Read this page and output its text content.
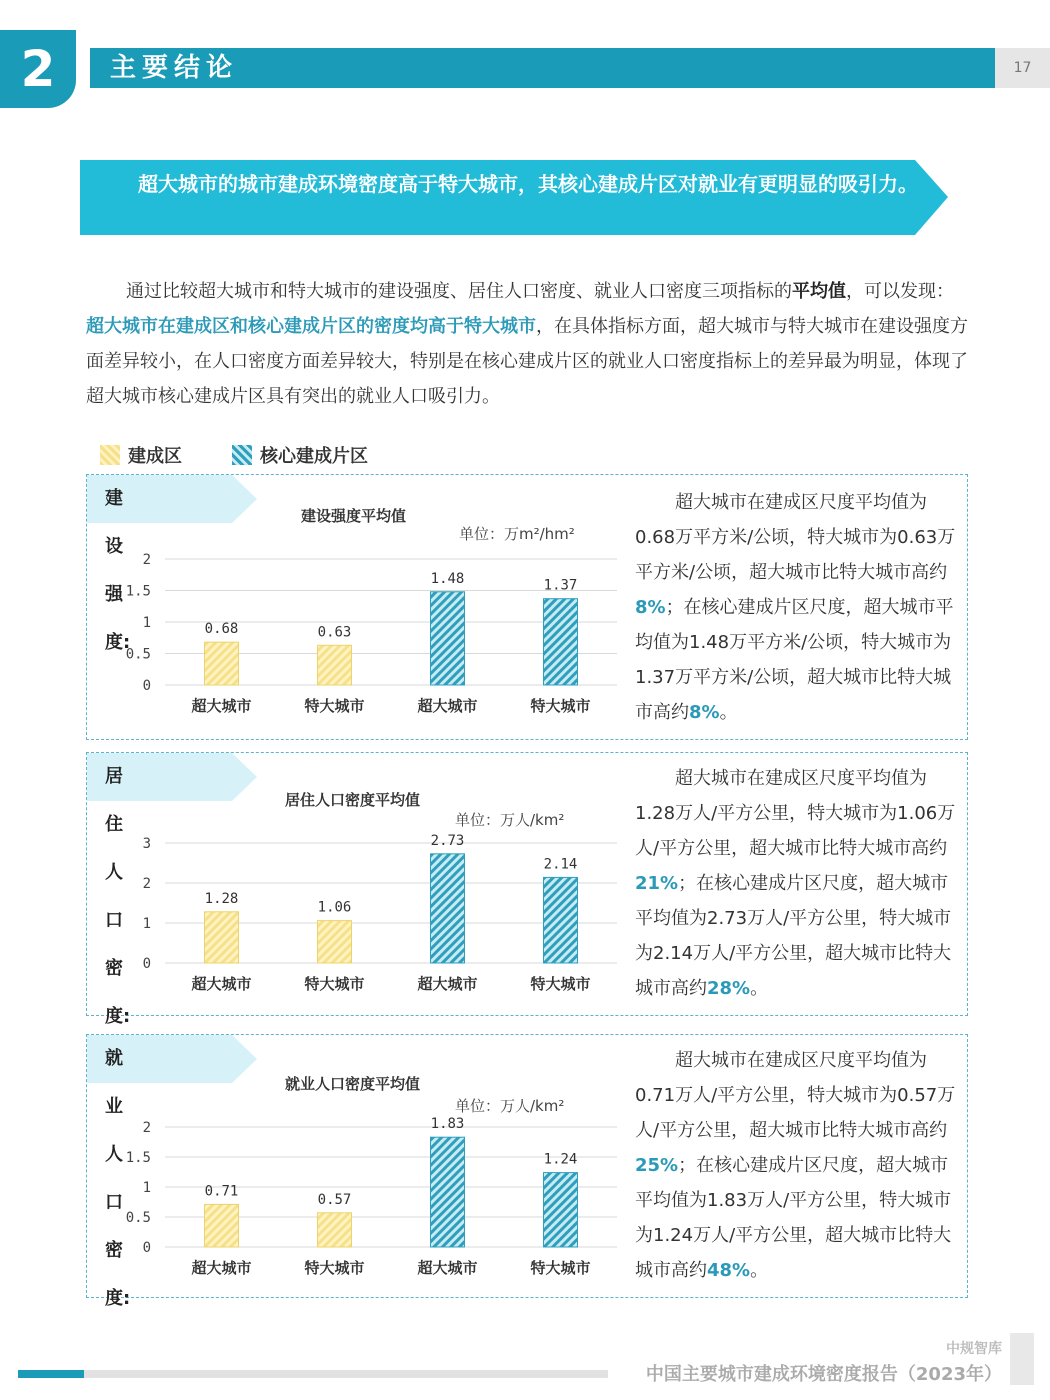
2	主要结论	17
超大城市的城市建成环境密度高于特大城市，其核心建成片区对就业有更明显的吸引力。

通过比较超大城市和特大城市的建设强度、居住人口密度、就业人口密度三项指标的平均值，可以发现：超大城市在建成区和核心建成片区的密度均高于特大城市，在具体指标方面，超大城市与特大城市在建设强度方面差异较小，在人口密度方面差异较大，特别是在核心建成片区的就业人口密度指标上的差异最为明显，体现了超大城市核心建成片区具有突出的就业人口吸引力。

建成区	核心建成片区
建设强度:
建设强度平均值
单位：万m²/hm²
0
0.5
1
1.5
2
0.68
超大城市
0.63
特大城市
1.48
超大城市
1.37
特大城市

超大城市在建成区尺度平均值为0.68万平方米/公顷，特大城市为0.63万平方米/公顷，超大城市比特大城市高约8%；在核心建成片区尺度，超大城市平均值为1.48万平方米/公顷，特大城市为1.37万平方米/公顷，超大城市比特大城市高约8%。

居住人口密度:
居住人口密度平均值
单位：万人/km²
0
1
2
3
1.28
超大城市
1.06
特大城市
2.73
超大城市
2.14
特大城市

超大城市在建成区尺度平均值为1.28万人/平方公里，特大城市为1.06万人/平方公里，超大城市比特大城市高约21%；在核心建成片区尺度，超大城市平均值为2.73万人/平方公里，特大城市为2.14万人/平方公里，超大城市比特大城市高约28%。

就业人口密度:
就业人口密度平均值
单位：万人/km²
0
0.5
1
1.5
2
0.71
超大城市
0.57
特大城市
1.83
超大城市
1.24
特大城市

超大城市在建成区尺度平均值为0.71万人/平方公里，特大城市为0.57万人/平方公里，超大城市比特大城市高约25%；在核心建成片区尺度，超大城市平均值为1.83万人/平方公里，特大城市为1.24万人/平方公里，超大城市比特大城市高约48%。

中规智库
中国主要城市建成环境密度报告（2023年）
